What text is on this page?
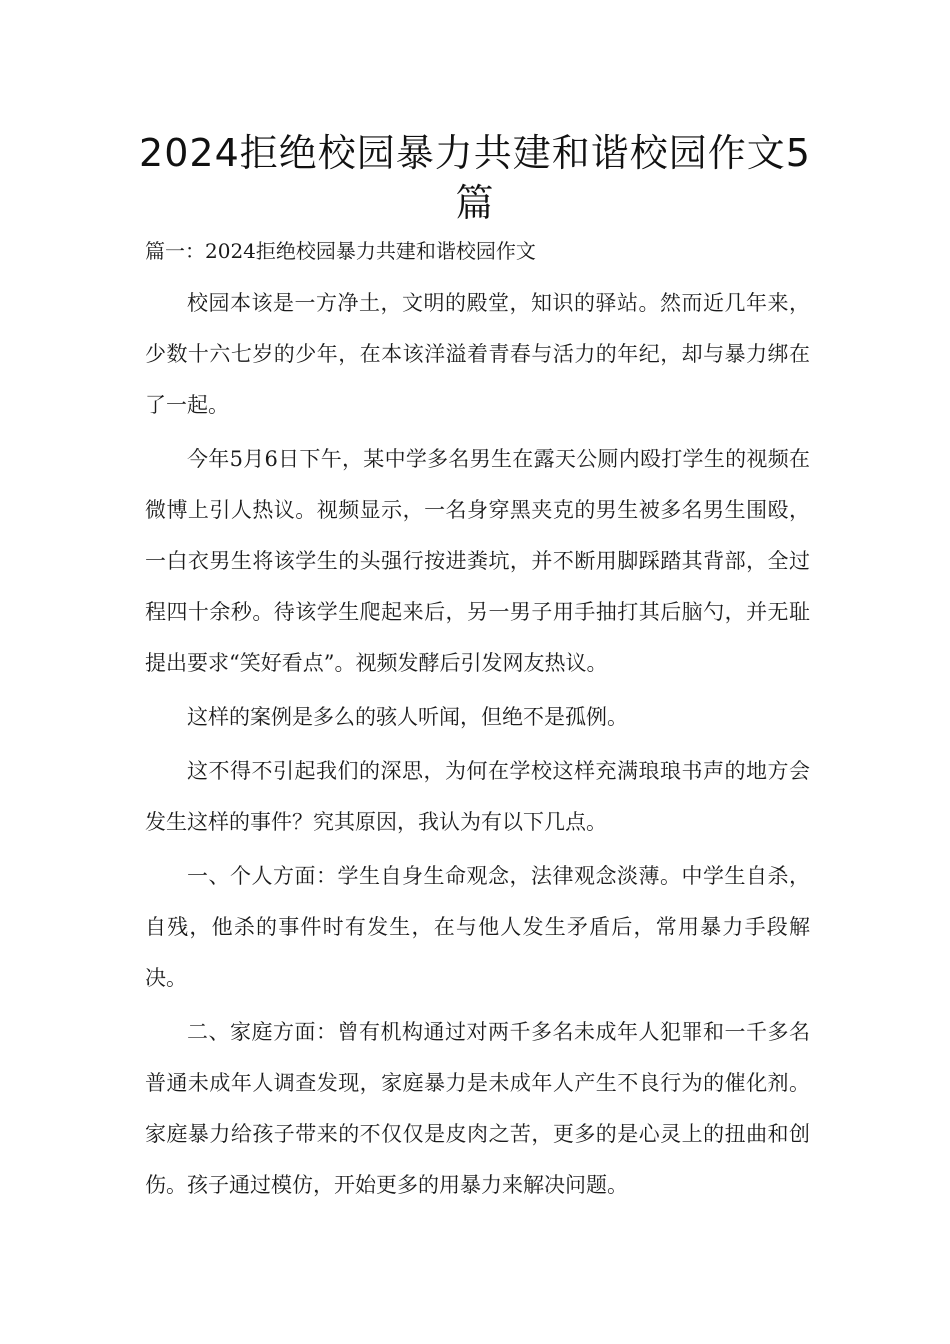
2024拒绝校园暴力共建和谐校园作文5篇

篇一：2024拒绝校园暴力共建和谐校园作文

校园本该是一方净土，文明的殿堂，知识的驿站。然而近几年来，少数十六七岁的少年，在本该洋溢着青春与活力的年纪，却与暴力绑在了一起。

今年5月6日下午，某中学多名男生在露天公厕内殴打学生的视频在微博上引人热议。视频显示，一名身穿黑夹克的男生被多名男生围殴，一白衣男生将该学生的头强行按进粪坑，并不断用脚踩踏其背部，全过程四十余秒。待该学生爬起来后，另一男子用手抽打其后脑勺，并无耻提出要求“笑好看点”。视频发酵后引发网友热议。

这样的案例是多么的骇人听闻，但绝不是孤例。

这不得不引起我们的深思，为何在学校这样充满琅琅书声的地方会发生这样的事件？究其原因，我认为有以下几点。

一、个人方面：学生自身生命观念，法律观念淡薄。中学生自杀，自残，他杀的事件时有发生，在与他人发生矛盾后，常用暴力手段解决。

二、家庭方面：曾有机构通过对两千多名未成年人犯罪和一千多名普通未成年人调查发现，家庭暴力是未成年人产生不良行为的催化剂。家庭暴力给孩子带来的不仅仅是皮肉之苦，更多的是心灵上的扭曲和创伤。孩子通过模仿，开始更多的用暴力来解决问题。
